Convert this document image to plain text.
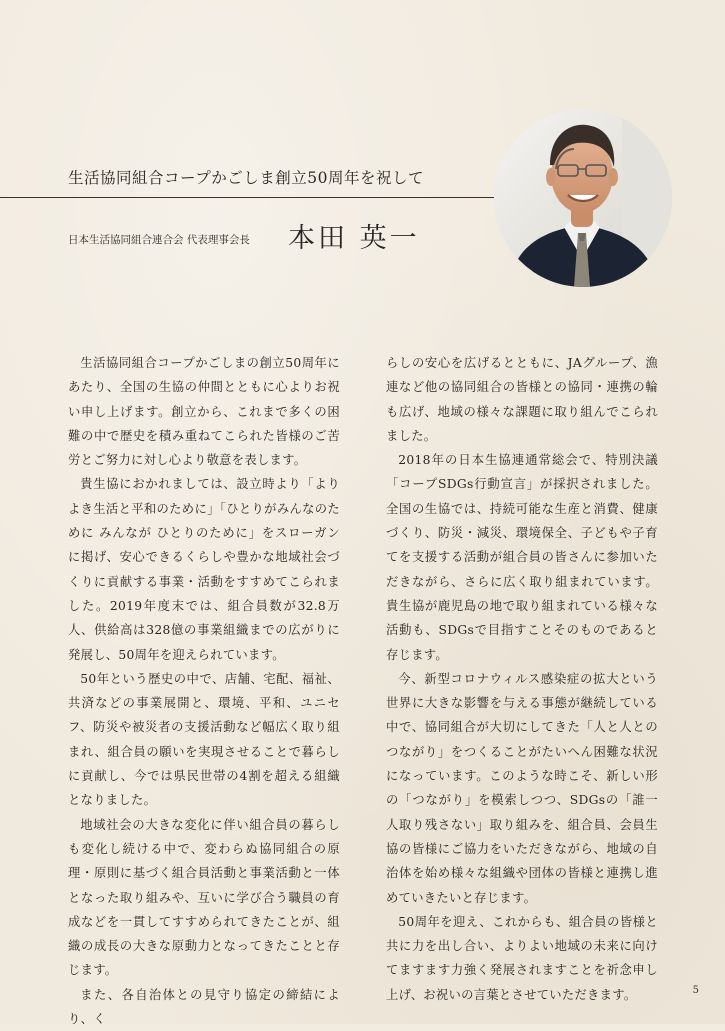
生活協同組合コープかごしま創立50周年を祝して
日本生活協同組合連合会 代表理事会長 本田 英一

生活協同組合コープかごしまの創立50周年にあたり、全国の生協の仲間とともに心よりお祝い申し上げます。創立から、これまで多くの困難の中で歴史を積み重ねてこられた皆様のご苦労とご努力に対し心より敬意を表します。

貴生協におかれましては、設立時より「よりよき生活と平和のために」「ひとりがみんなのために みんなが ひとりのために」をスローガンに掲げ、安心できるくらしや豊かな地域社会づくりに貢献する事業・活動をすすめてこられました。2019年度末では、組合員数が32.8万人、供給高は328億の事業組織までの広がりに発展し、50周年を迎えられています。

50年という歴史の中で、店舗、宅配、福祉、共済などの事業展開と、環境、平和、ユニセフ、防災や被災者の支援活動など幅広く取り組まれ、組合員の願いを実現させることで暮らしに貢献し、今では県民世帯の4割を超える組織となりました。

地域社会の大きな変化に伴い組合員の暮らしも変化し続ける中で、変わらぬ協同組合の原理・原則に基づく組合員活動と事業活動と一体となった取り組みや、互いに学び合う職員の育成などを一貫してすすめられてきたことが、組織の成長の大きな原動力となってきたことと存じます。

また、各自治体との見守り協定の締結により、く

らしの安心を広げるとともに、JAグループ、漁連など他の協同組合の皆様との協同・連携の輪も広げ、地域の様々な課題に取り組んでこられました。

2018年の日本生協連通常総会で、特別決議「コープSDGs行動宣言」が採択されました。全国の生協では、持続可能な生産と消費、健康づくり、防災・減災、環境保全、子どもや子育てを支援する活動が組合員の皆さんに参加いただきながら、さらに広く取り組まれています。貴生協が鹿児島の地で取り組まれている様々な活動も、SDGsで目指すことそのものであると存じます。

今、新型コロナウィルス感染症の拡大という世界に大きな影響を与える事態が継続している中で、協同組合が大切にしてきた「人と人とのつながり」をつくることがたいへん困難な状況になっています。このような時こそ、新しい形の「つながり」を模索しつつ、SDGsの「誰一人取り残さない」取り組みを、組合員、会員生協の皆様にご協力をいただきながら、地域の自治体を始め様々な組織や団体の皆様と連携し進めていきたいと存じます。

50周年を迎え、これからも、組合員の皆様と共に力を出し合い、よりよい地域の未来に向けてますます力強く発展されますことを祈念申し上げ、お祝いの言葉とさせていただきます。	5
